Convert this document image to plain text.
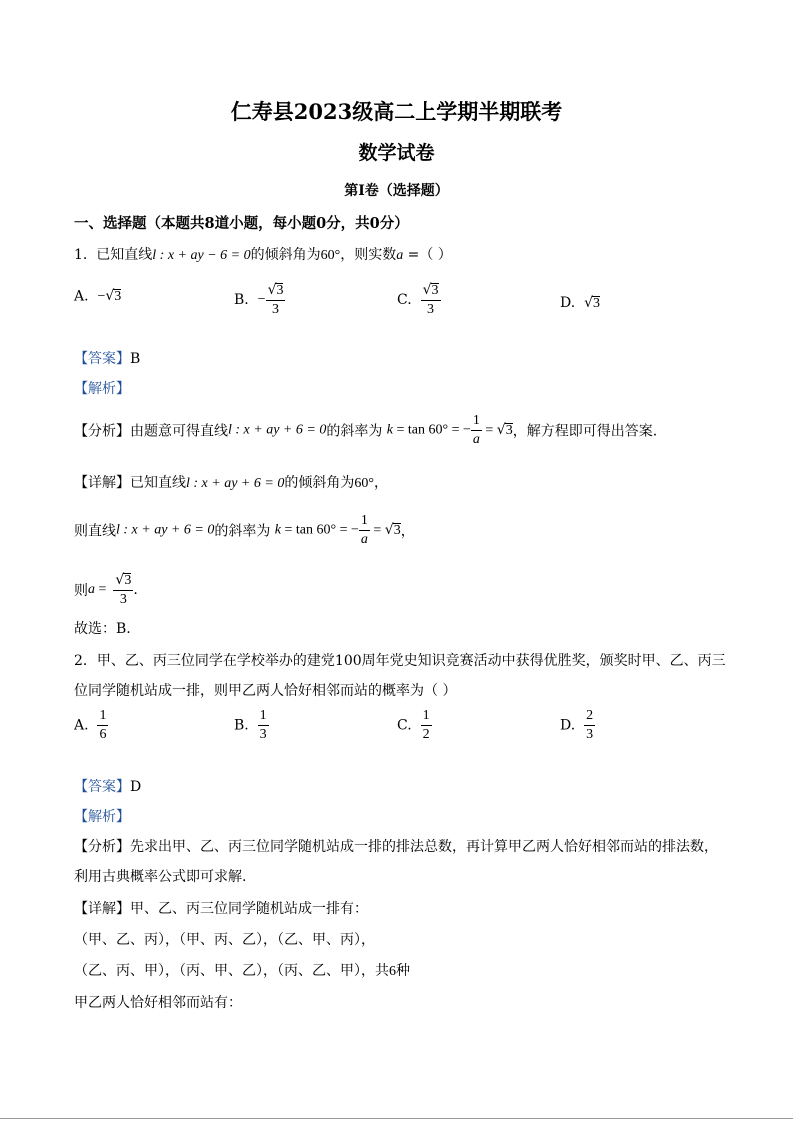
仁寿县2023级高二上学期半期联考
数学试卷
第I卷（选择题）
一、选择题（本题共8道小题，每小题0分，共0分）
1. 已知直线l : x + ay − 6 = 0的倾斜角为60°，则实数a =（ ）
A. −√3	B. − $\frac{√3}{3}$	C. $\frac{√3}{3}$	D. √3
【答案】B
【解析】
【分析】由题意可得直线l : x + ay + 6 = 0的斜率为 k = tan 60° = − $\frac{1}{a} = √3$，解方程即可得出答案.
【详解】已知直线l : x + ay + 6 = 0的倾斜角为60°，
则直线l : x + ay + 6 = 0的斜率为 k = tan 60° = − $\frac{1}{a} = √3$，
则$a = \frac{√3}{3}$ .
故选：B.
2．甲、乙、丙三位同学在学校举办的建党100周年党史知识竞赛活动中获得优胜奖，颁奖时甲、乙、丙三
位同学随机站成一排，则甲乙两人恰好相邻而站的概率为（ ）
A. $\frac{1}{6}$	B. $\frac{1}{3}$	C. $\frac{1}{2}$	D. $\frac{2}{3}$
【答案】D
【解析】
【分析】先求出甲、乙、丙三位同学随机站成一排的排法总数，再计算甲乙两人恰好相邻而站的排法数，
利用古典概率公式即可求解.
【详解】甲、乙、丙三位同学随机站成一排有：
（甲、乙、丙），（甲、丙、乙），（乙、甲、丙），
（乙、丙、甲），（丙、甲、乙），（丙、乙、甲），共6种
甲乙两人恰好相邻而站有：
